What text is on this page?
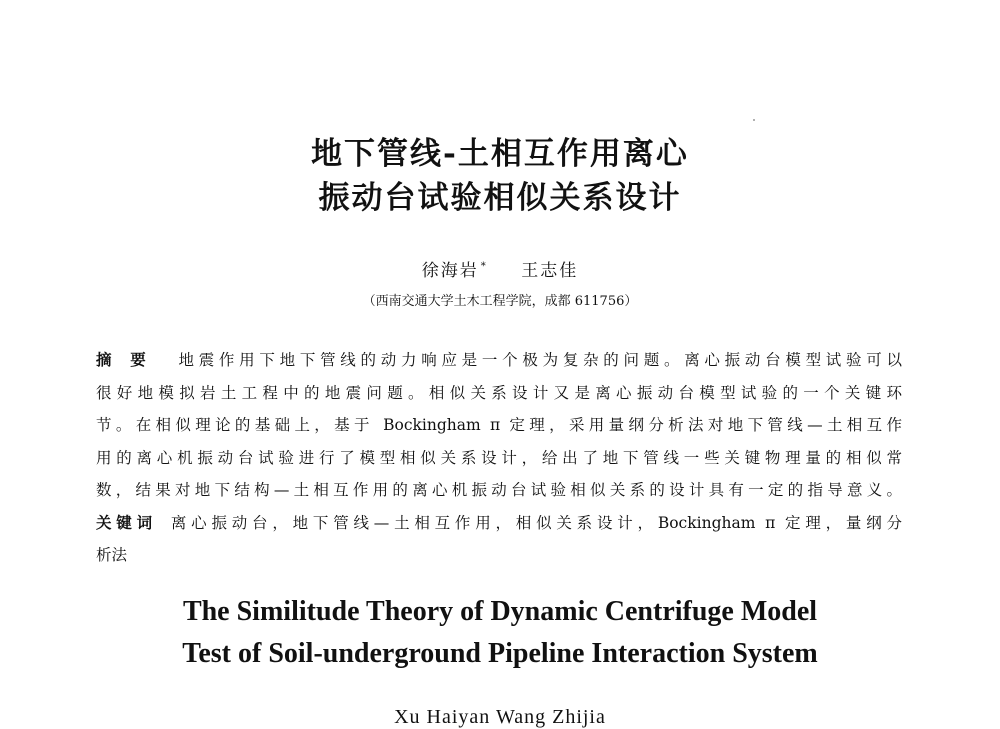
地下管线-土相互作用离心
振动台试验相似关系设计
徐海岩 * 王志佳
（西南交通大学土木工程学院，成都 611756）
摘要 地震作用下地下管线的动力响应是一个极为复杂的问题。离心振动台模型试验可以
很好地模拟岩土工程中的地震问题。相似关系设计又是离心振动台模型试验的一个关键环
节。在相似理论的基础上，基于 Bockingham π 定理，采用量纲分析法对地下管线—土相互作
用的离心机振动台试验进行了模型相似关系设计，给出了地下管线一些关键物理量的相似常
数，结果对地下结构—土相互作用的离心机振动台试验相似关系的设计具有一定的指导意义。
关键词 离心振动台，地下管线—土相互作用，相似关系设计，Bockingham π 定理，量纲分
析法
The Similitude Theory of Dynamic Centrifuge Model
Test of Soil-underground Pipeline Interaction System
Xu Haiyan Wang Zhijia
